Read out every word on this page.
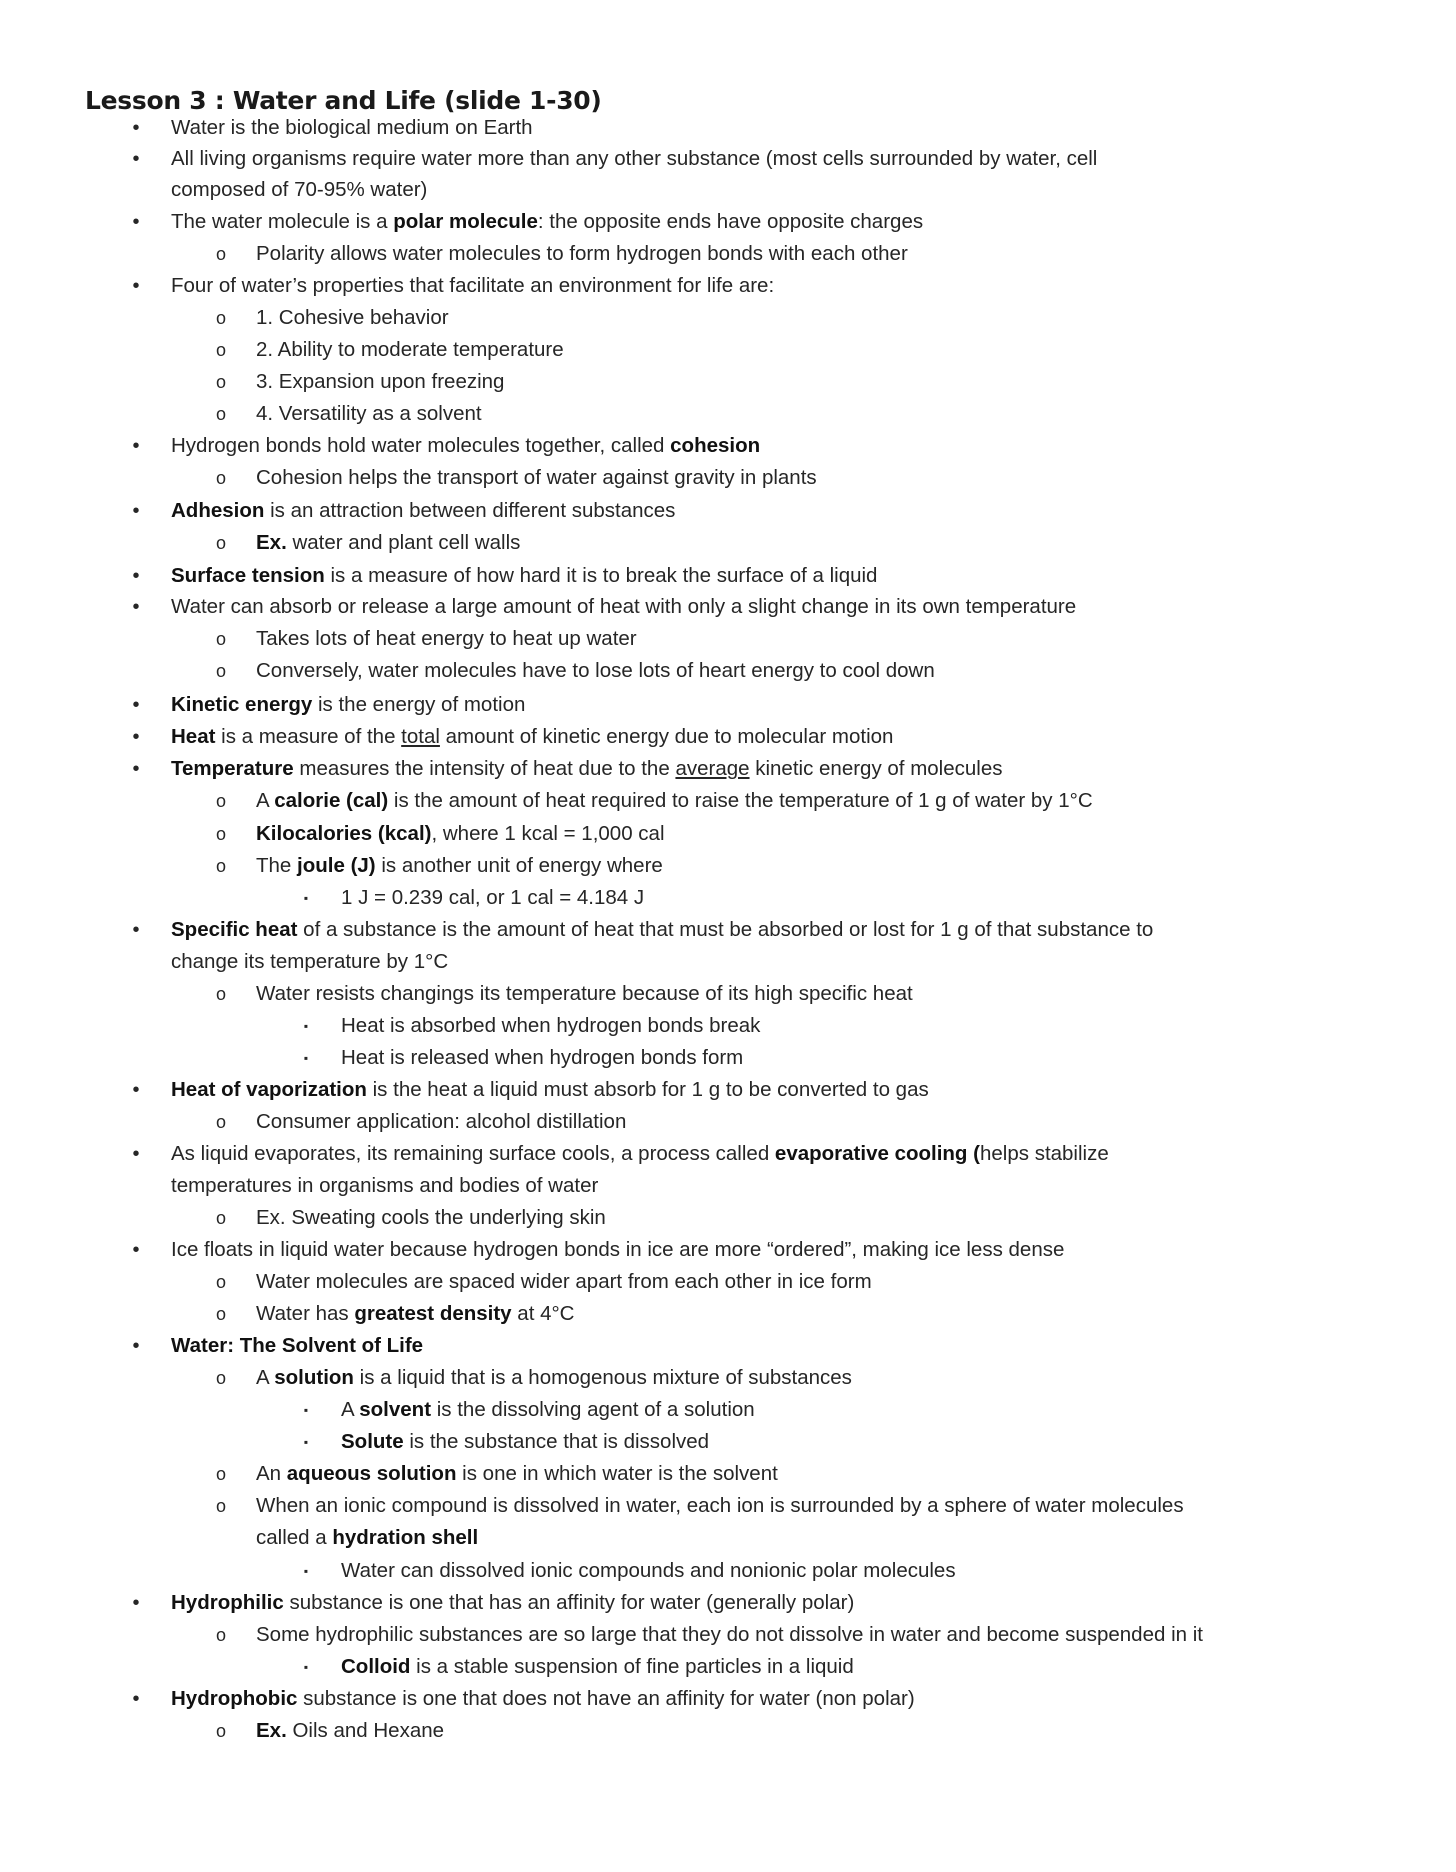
Lesson 3 : Water and Life (slide 1-30)
•	Water is the biological medium on Earth
•	All living organisms require water more than any other substance (most cells surrounded by water, cell
composed of 70-95% water)
•	The water molecule is a polar molecule: the opposite ends have opposite charges
o Polarity allows water molecules to form hydrogen bonds with each other
•	Four of water’s properties that facilitate an environment for life are:
o 1. Cohesive behavior
o 2. Ability to moderate temperature
o 3. Expansion upon freezing
o 4. Versatility as a solvent
•	Hydrogen bonds hold water molecules together, called cohesion
o Cohesion helps the transport of water against gravity in plants
•	Adhesion is an attraction between different substances
o Ex. water and plant cell walls
•	Surface tension is a measure of how hard it is to break the surface of a liquid
•	Water can absorb or release a large amount of heat with only a slight change in its own temperature
o Takes lots of heat energy to heat up water
o Conversely, water molecules have to lose lots of heart energy to cool down
•	Kinetic energy is the energy of motion
•	Heat is a measure of the total amount of kinetic energy due to molecular motion
•	Temperature measures the intensity of heat due to the average kinetic energy of molecules
o A calorie (cal) is the amount of heat required to raise the temperature of 1 g of water by 1°C
o Kilocalories (kcal), where 1 kcal = 1,000 cal
o The joule (J) is another unit of energy where
▪	1 J = 0.239 cal, or 1 cal = 4.184 J
•	Specific heat of a substance is the amount of heat that must be absorbed or lost for 1 g of that substance to
change its temperature by 1°C
o Water resists changings its temperature because of its high specific heat
▪	Heat is absorbed when hydrogen bonds break
▪	Heat is released when hydrogen bonds form
•	Heat of vaporization is the heat a liquid must absorb for 1 g to be converted to gas
o Consumer application: alcohol distillation
•	As liquid evaporates, its remaining surface cools, a process called evaporative cooling (helps stabilize
temperatures in organisms and bodies of water
o Ex. Sweating cools the underlying skin
•	Ice floats in liquid water because hydrogen bonds in ice are more “ordered”, making ice less dense
o Water molecules are spaced wider apart from each other in ice form
o Water has greatest density at 4°C
•	Water: The Solvent of Life
o A solution is a liquid that is a homogenous mixture of substances
▪	A solvent is the dissolving agent of a solution
▪	Solute is the substance that is dissolved
o An aqueous solution is one in which water is the solvent
o When an ionic compound is dissolved in water, each ion is surrounded by a sphere of water molecules
called a hydration shell
▪	Water can dissolved ionic compounds and nonionic polar molecules
•	Hydrophilic substance is one that has an affinity for water (generally polar)
o Some hydrophilic substances are so large that they do not dissolve in water and become suspended in it
▪	Colloid is a stable suspension of fine particles in a liquid
•	Hydrophobic substance is one that does not have an affinity for water (non polar)
o Ex. Oils and Hexane
